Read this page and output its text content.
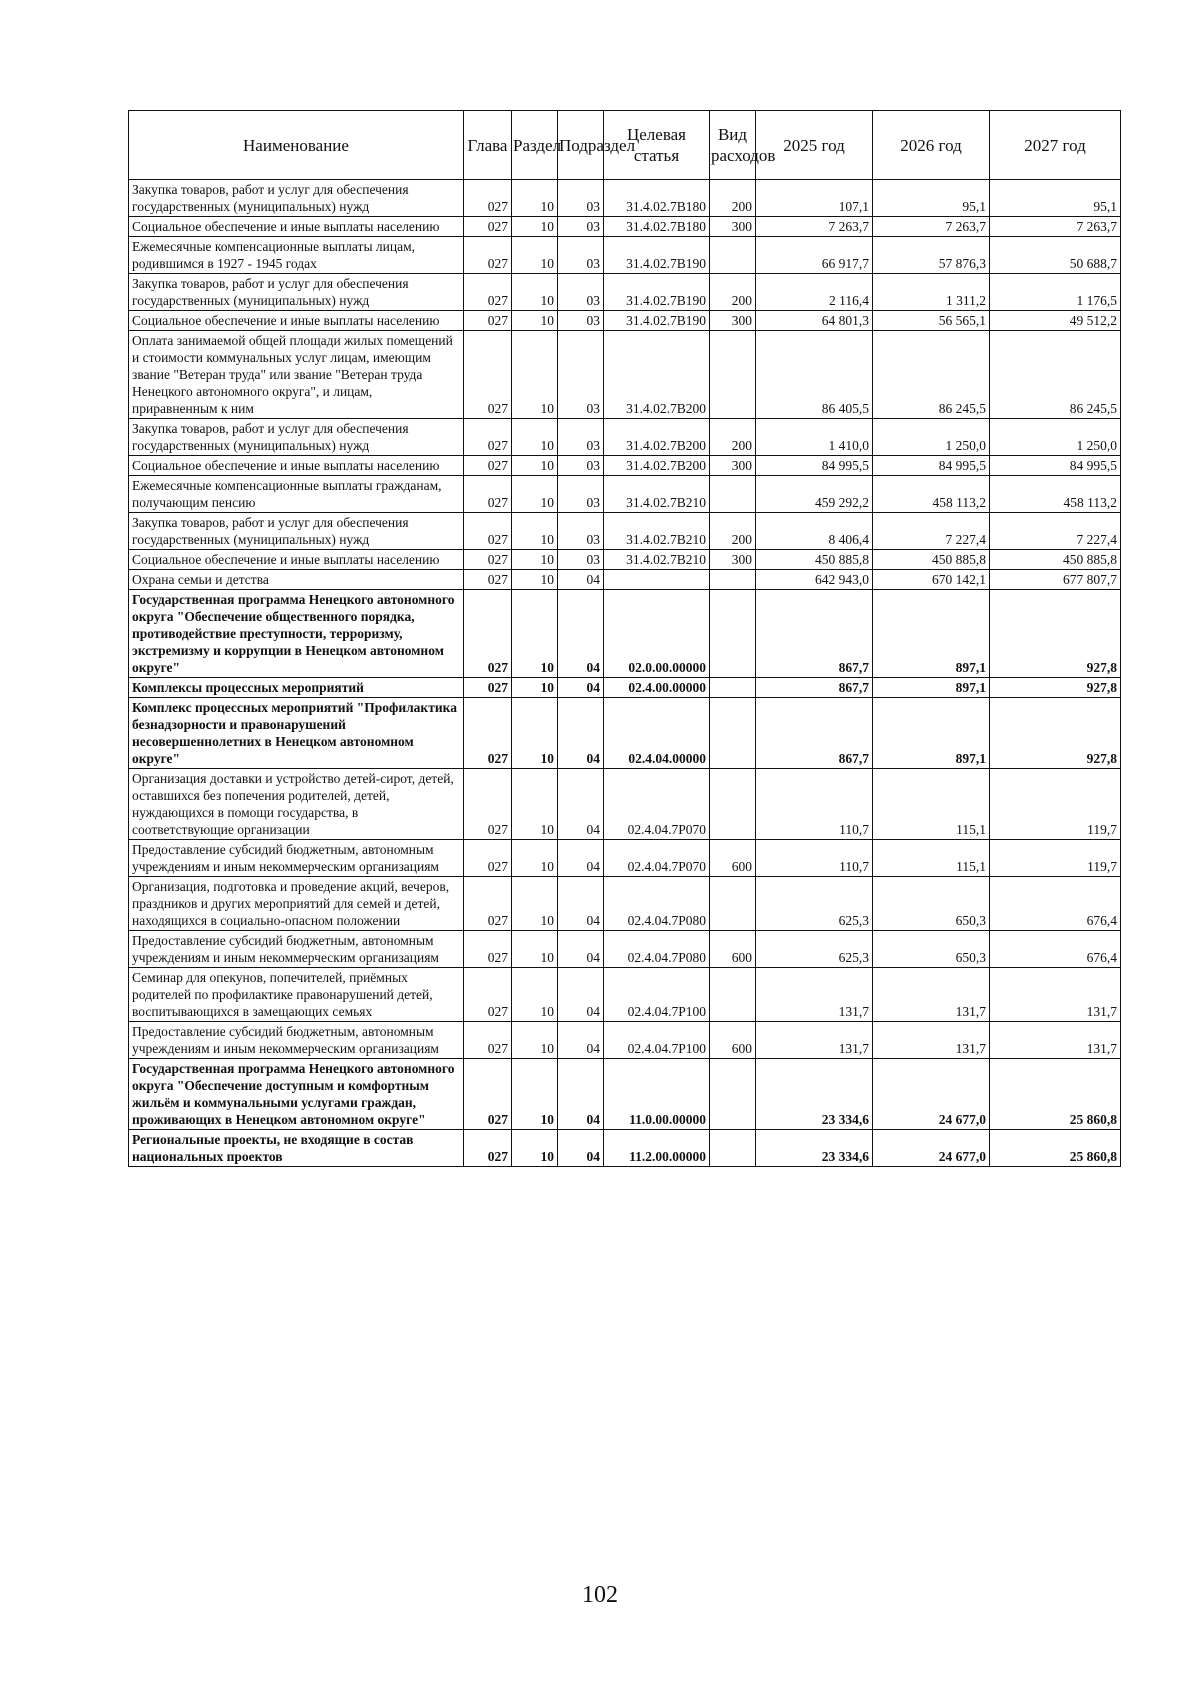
Наименование	Глава	Раздел	Подраздел	Целевая статья	Вид расходов	2025 год	2026 год	2027 год
Закупка товаров, работ и услуг для обеспечения государственных (муниципальных) нужд	027	10	03	31.4.02.7В180	200	107,1	95,1	95,1
Социальное обеспечение и иные выплаты населению	027	10	03	31.4.02.7В180	300	7 263,7	7 263,7	7 263,7
Ежемесячные компенсационные выплаты лицам, родившимся в 1927 - 1945 годах	027	10	03	31.4.02.7В190		66 917,7	57 876,3	50 688,7
Закупка товаров, работ и услуг для обеспечения государственных (муниципальных) нужд	027	10	03	31.4.02.7В190	200	2 116,4	1 311,2	1 176,5
Социальное обеспечение и иные выплаты населению	027	10	03	31.4.02.7В190	300	64 801,3	56 565,1	49 512,2
Оплата занимаемой общей площади жилых помещений и стоимости коммунальных услуг лицам, имеющим звание "Ветеран труда" или звание "Ветеран труда Ненецкого автономного округа", и лицам, приравненным к ним	027	10	03	31.4.02.7В200		86 405,5	86 245,5	86 245,5
Закупка товаров, работ и услуг для обеспечения государственных (муниципальных) нужд	027	10	03	31.4.02.7В200	200	1 410,0	1 250,0	1 250,0
Социальное обеспечение и иные выплаты населению	027	10	03	31.4.02.7В200	300	84 995,5	84 995,5	84 995,5
Ежемесячные компенсационные выплаты гражданам, получающим пенсию	027	10	03	31.4.02.7В210		459 292,2	458 113,2	458 113,2
Закупка товаров, работ и услуг для обеспечения государственных (муниципальных) нужд	027	10	03	31.4.02.7В210	200	8 406,4	7 227,4	7 227,4
Социальное обеспечение и иные выплаты населению	027	10	03	31.4.02.7В210	300	450 885,8	450 885,8	450 885,8
Охрана семьи и детства	027	10	04			642 943,0	670 142,1	677 807,7
Государственная программа Ненецкого автономного округа "Обеспечение общественного порядка, противодействие преступности, терроризму, экстремизму и коррупции в Ненецком автономном округе"	027	10	04	02.0.00.00000		867,7	897,1	927,8
Комплексы процессных мероприятий	027	10	04	02.4.00.00000		867,7	897,1	927,8
Комплекс процессных мероприятий "Профилактика безнадзорности и правонарушений несовершеннолетних в Ненецком автономном округе"	027	10	04	02.4.04.00000		867,7	897,1	927,8
Организация доставки и устройство детей-сирот, детей, оставшихся без попечения родителей, детей, нуждающихся в помощи государства, в соответствующие организации	027	10	04	02.4.04.7Р070		110,7	115,1	119,7
Предоставление субсидий бюджетным, автономным учреждениям и иным некоммерческим организациям	027	10	04	02.4.04.7Р070	600	110,7	115,1	119,7
Организация, подготовка и проведение акций, вечеров, праздников и других мероприятий для семей и детей, находящихся в социально-опасном положении	027	10	04	02.4.04.7Р080		625,3	650,3	676,4
Предоставление субсидий бюджетным, автономным учреждениям и иным некоммерческим организациям	027	10	04	02.4.04.7Р080	600	625,3	650,3	676,4
Семинар для опекунов, попечителей, приёмных родителей по профилактике правонарушений детей, воспитывающихся в замещающих семьях	027	10	04	02.4.04.7Р100		131,7	131,7	131,7
Предоставление субсидий бюджетным, автономным учреждениям и иным некоммерческим организациям	027	10	04	02.4.04.7Р100	600	131,7	131,7	131,7
Государственная программа Ненецкого автономного округа "Обеспечение доступным и комфортным жильём и коммунальными услугами граждан, проживающих в Ненецком автономном округе"	027	10	04	11.0.00.00000		23 334,6	24 677,0	25 860,8
Региональные проекты, не входящие в состав национальных проектов	027	10	04	11.2.00.00000		23 334,6	24 677,0	25 860,8
102
